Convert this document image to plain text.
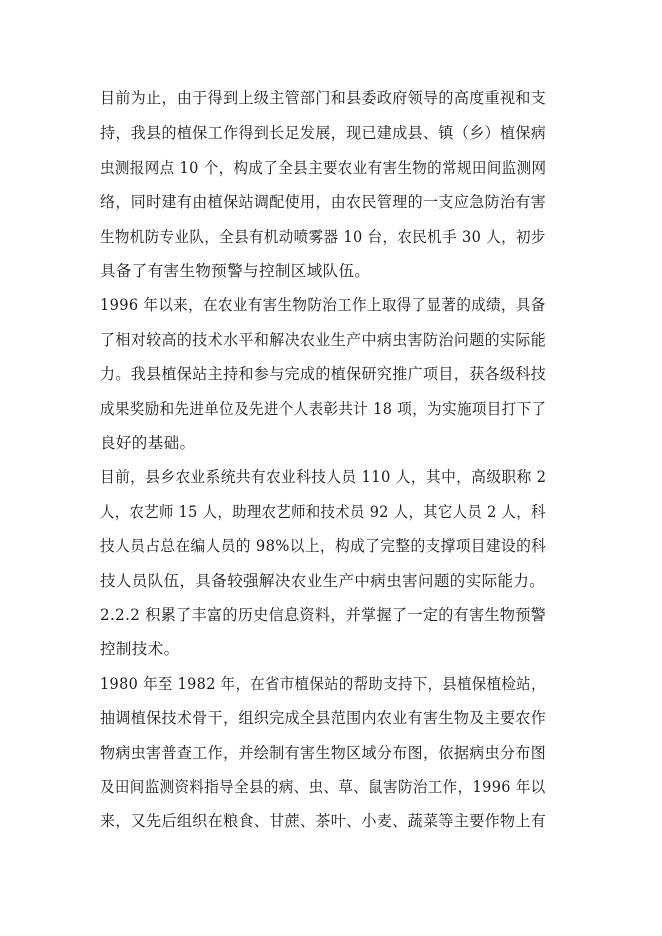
目前为止，由于得到上级主管部门和县委政府领导的高度重视和支
持，我县的植保工作得到长足发展，现已建成县、镇（乡）植保病
虫测报网点 10 个，构成了全县主要农业有害生物的常规田间监测网
络，同时建有由植保站调配使用，由农民管理的一支应急防治有害
生物机防专业队，全县有机动喷雾器 10 台，农民机手 30 人，初步
具备了有害生物预警与控制区域队伍。
1996 年以来，在农业有害生物防治工作上取得了显著的成绩，具备
了相对较高的技术水平和解决农业生产中病虫害防治问题的实际能
力。我县植保站主持和参与完成的植保研究推广项目，获各级科技
成果奖励和先进单位及先进个人表彰共计 18 项，为实施项目打下了
良好的基础。
目前，县乡农业系统共有农业科技人员 110 人，其中，高级职称 2
人，农艺师 15 人，助理农艺师和技术员 92 人，其它人员 2 人，科
技人员占总在编人员的 98%以上，构成了完整的支撑项目建设的科
技人员队伍，具备较强解决农业生产中病虫害问题的实际能力。
2.2.2 积累了丰富的历史信息资料，并掌握了一定的有害生物预警
控制技术。
1980 年至 1982 年，在省市植保站的帮助支持下，县植保植检站，
抽调植保技术骨干，组织完成全县范围内农业有害生物及主要农作
物病虫害普查工作，并绘制有害生物区域分布图，依据病虫分布图
及田间监测资料指导全县的病、虫、草、鼠害防治工作，1996 年以
来，又先后组织在粮食、甘蔗、茶叶、小麦、蔬菜等主要作物上有
